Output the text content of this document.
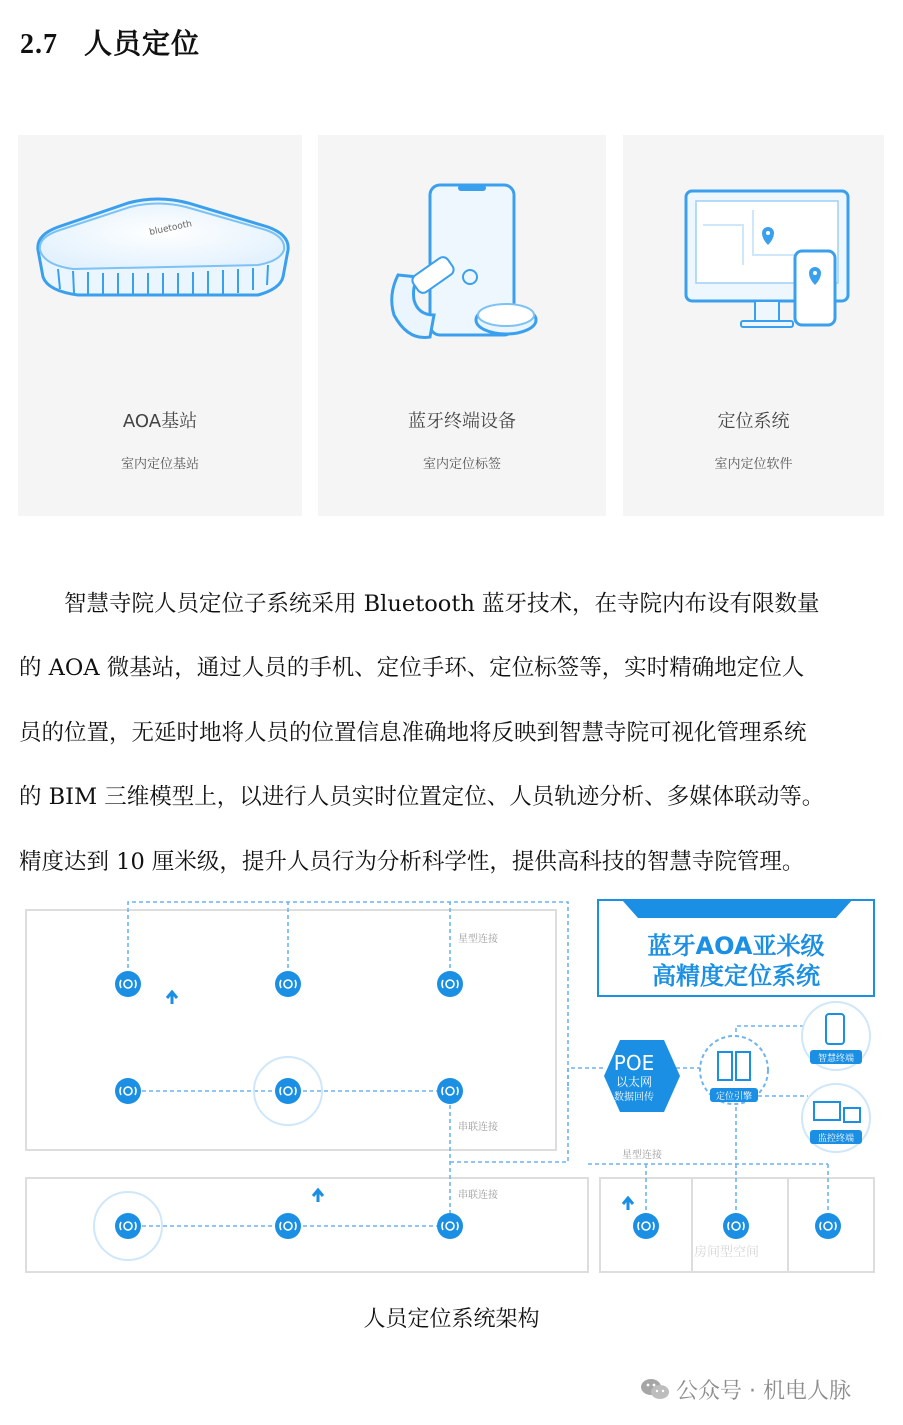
2.7 人员定位
bluetooth
AOA基站
室内定位基站
蓝牙终端设备
室内定位标签
定位系统
室内定位软件
　　智慧寺院人员定位子系统采用 Bluetooth 蓝牙技术，在寺院内布设有限数量
的 AOA 微基站，通过人员的手机、定位手环、定位标签等，实时精确地定位人
员的位置，无延时地将人员的位置信息准确地将反映到智慧寺院可视化管理系统
的 BIM 三维模型上，以进行人员实时位置定位、人员轨迹分析、多媒体联动等。
精度达到 10 厘米级，提升人员行为分析科学性，提供高科技的智慧寺院管理。
星型连接
串联连接
串联连接
星型连接
房间型空间
蓝牙AOA亚米级
高精度定位系统
POE
以太网
数据回传	定位引擎
智慧终端
监控终端
人员定位系统架构
公众号 · 机电人脉
